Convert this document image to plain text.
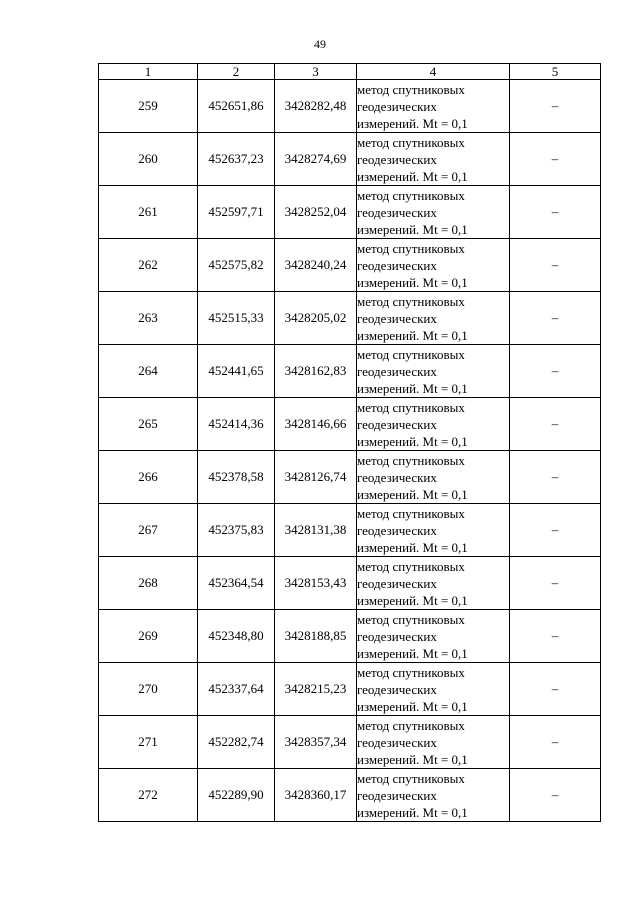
49
1	2	3	4	5
259	452651,86	3428282,48	метод спутниковых
геодезических
измерений. Mt = 0,1	–
260	452637,23	3428274,69	метод спутниковых
геодезических
измерений. Mt = 0,1	–
261	452597,71	3428252,04	метод спутниковых
геодезических
измерений. Mt = 0,1	–
262	452575,82	3428240,24	метод спутниковых
геодезических
измерений. Mt = 0,1	–
263	452515,33	3428205,02	метод спутниковых
геодезических
измерений. Mt = 0,1	–
264	452441,65	3428162,83	метод спутниковых
геодезических
измерений. Mt = 0,1	–
265	452414,36	3428146,66	метод спутниковых
геодезических
измерений. Mt = 0,1	–
266	452378,58	3428126,74	метод спутниковых
геодезических
измерений. Mt = 0,1	–
267	452375,83	3428131,38	метод спутниковых
геодезических
измерений. Mt = 0,1	–
268	452364,54	3428153,43	метод спутниковых
геодезических
измерений. Mt = 0,1	–
269	452348,80	3428188,85	метод спутниковых
геодезических
измерений. Mt = 0,1	–
270	452337,64	3428215,23	метод спутниковых
геодезических
измерений. Mt = 0,1	–
271	452282,74	3428357,34	метод спутниковых
геодезических
измерений. Mt = 0,1	–
272	452289,90	3428360,17	метод спутниковых
геодезических
измерений. Mt = 0,1	–
